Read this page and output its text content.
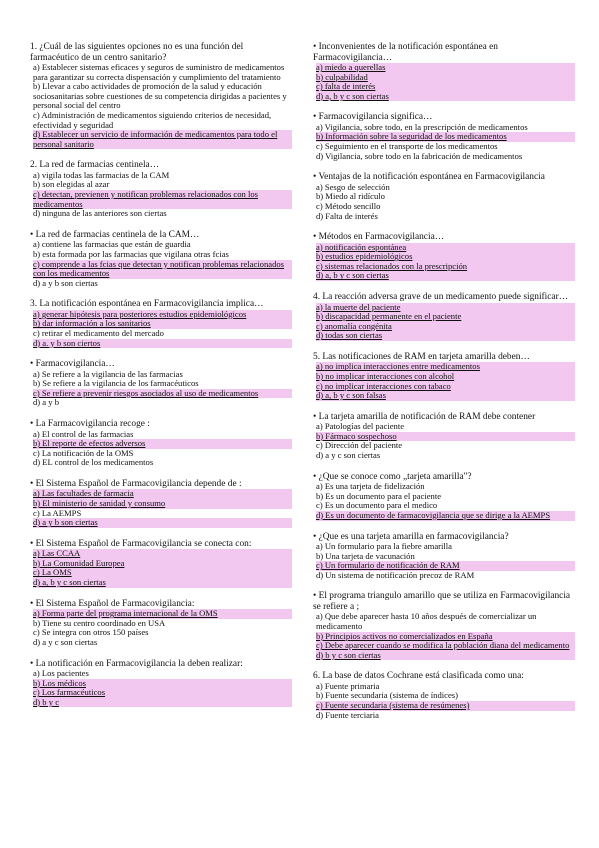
1. ¿Cuál de las siguientes opciones no es una función del farmacéutico de un centro sanitario?
a) Establecer sistemas eficaces y seguros de suministro de medicamentos para garantizar su correcta dispensación y cumplimiento del tratamiento
b) Llevar a cabo actividades de promoción de la salud y educación sociosanitarias sobre cuestiones de su competencia dirigidas a pacientes y personal social del centro
c) Administración de medicamentos siguiendo criterios de necesidad, efectividad y seguridad
d) Establecer un servicio de información de medicamentos para todo el personal sanitario
2. La red de farmacias centinela…
a) vigila todas las farmacias de la CAM
b) son elegidas al azar
c) detectan, previenen y notifican problemas relacionados con los medicamentos
d) ninguna de las anteriores son ciertas
• La red de farmacias centinela de la CAM…
a) contiene las farmacias que están de guardia
b) esta formada por las farmacias que vigilana otras fcias
c) comprende a las fcias que detectan y notifican problemas relacionados con los medicamentos
d) a y b son ciertas
3. La notificación espontánea en Farmacovigilancia implica…
a) generar hipótesis para posteriores estudios epidemiológicos
b) dar información a los sanitarios
c) retirar el medicamento del mercado
d) a. y b son ciertos
• Farmacovigilancia…
a) Se refiere a la vigilancia de las farmacias
b) Se refiere a la vigilancia de los farmacéuticos
c) Se refiere a prevenir riesgos asociados al uso de medicamentos
d) a y b
• La Farmacovigilancia recoge :
a) El control de las farmacias
b) El reporte de efectos adversos
c) La notificación de la OMS
d) EL control de los medicamentos
• El Sistema Español de Farmacovigilancia depende de :
a) Las facultades de farmacia
b) El ministerio de sanidad y consumo
c) La AEMPS
d) a y b son ciertas
• El Sistema Español de Farmacovigilancia se conecta con:
a) Las CCAA
b) La Comunidad Europea
c) La OMS
d) a, b y c son ciertas
• El Sistema Español de Farmacovigilancia:
a) Forma parte del programa internacional de la OMS
b) Tiene su centro coordinado en USA
c) Se integra con otros 150 países
d) a y c son ciertas
• La notificación en Farmacovigilancia la deben realizar:
a) Los pacientes
b) Los médicos
c) Los farmacéuticos
d) b y c
• Inconvenientes de la notificación espontánea en Farmacovigilancia…
a) miedo a querellas
b) culpabilidad
c) falta de interés
d) a, b y c son ciertas
• Farmacovigilancia significa…
a) Vigilancia, sobre todo, en la prescripción de medicamentos
b) Información sobre la seguridad de los medicamentos
c) Seguimiento en el transporte de los medicamentos
d) Vigilancia, sobre todo en la fabricación de medicamentos
• Ventajas de la notificación espontánea en Farmacovigilancia
a) Sesgo de selección
b) Miedo al ridículo
c) Método sencillo
d) Falta de interés
• Métodos en Farmacovigilancia…
a) notificación espontánea
b) estudios epidemiológicos
c) sistemas relacionados con la prescripción
d) a, b y c son ciertas
4. La reacción adversa grave de un medicamento puede significar…
a) la muerte del paciente
b) discapacidad permanente en el paciente
c) anomalía congénita
d) todas son ciertas
5. Las notificaciones de RAM en tarjeta amarilla deben…
a) no implica interacciones entre medicamentos
b) no implicar interacciones con alcohol
c) no implicar interacciones con tabaco
d) a, b y c son falsas
• La tarjeta amarilla de notificación de RAM debe contener
a) Patologías del paciente
b) Fármaco sospechoso
c) Dirección del paciente
d) a y c son ciertas
• ¿Que se conoce como „tarjeta amarilla"?
a) Es una tarjeta de fidelización
b) Es un documento para el paciente
c) Es un documento para el medico
d) Es un documento de farmacovigilancia que se dirige a la AEMPS
• ¿Que es una tarjeta amarilla en farmacovigilancia?
a) Un formulario para la fiebre amarilla
b) Una tarjeta de vacunación
c) Un formulario de notificación de RAM
d) Un sistema de notificación precoz de RAM
• El programa triangulo amarillo que se utiliza en Farmacovigilancia se refiere a ;
a) Que debe aparecer hasta 10 años después de comercializar un medicamento
b) Principios activos no comercializados en España
c) Debe aparecer cuando se modifica la población diana del medicamento
d) b y c son ciertas
6. La base de datos Cochrane está clasificada como una:
a) Fuente primaria
b) Fuente secundaria (sistema de índices)
c) Fuente secundaria (sistema de resúmenes)
d) Fuente terciaria
